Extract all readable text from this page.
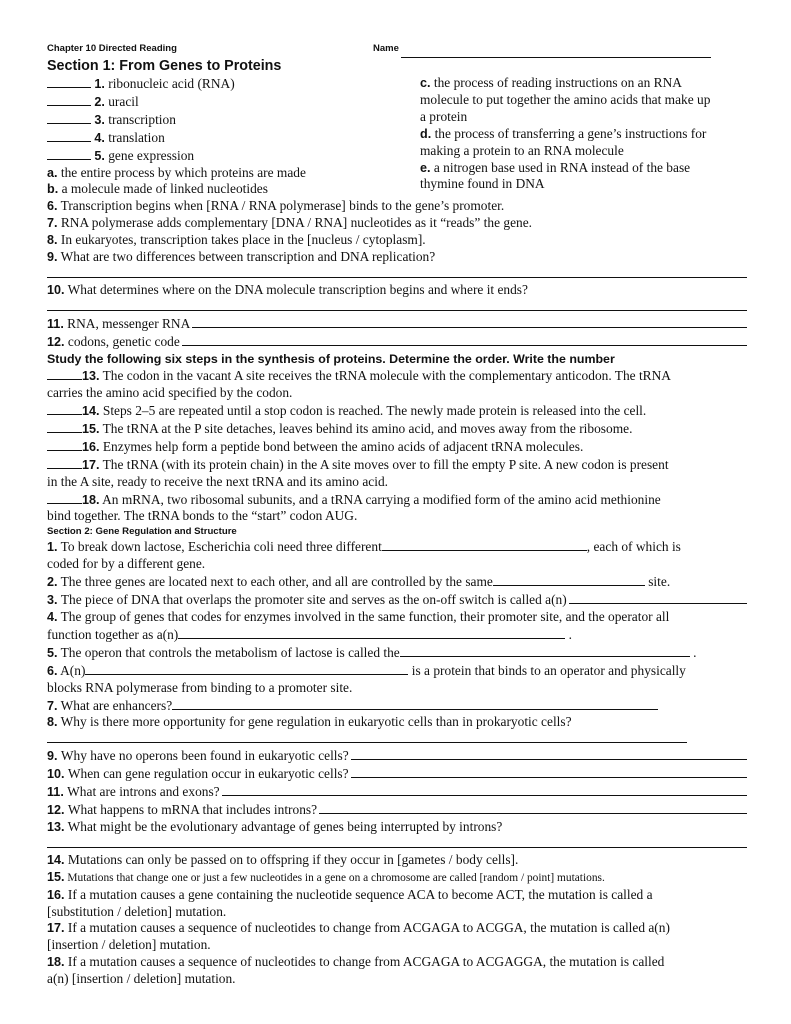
Chapter 10 Directed Reading	Name
Section 1: From Genes to Proteins
1. ribonucleic acid (RNA)
2. uracil
3. transcription
4. translation
5. gene expression
a. the entire process by which proteins are made
b. a molecule made of linked nucleotides
c. the process of reading instructions on an RNA
molecule to put together the amino acids that make up
a protein
d. the process of transferring a gene’s instructions for
making a protein to an RNA molecule
e. a nitrogen base used in RNA instead of the base
thymine found in DNA
6. Transcription begins when [RNA / RNA polymerase] binds to the gene’s promoter.
7. RNA polymerase adds complementary [DNA / RNA] nucleotides as it “reads” the gene.
8. In eukaryotes, transcription takes place in the [nucleus / cytoplasm].
9. What are two differences between transcription and DNA replication?
10. What determines where on the DNA molecule transcription begins and where it ends?
11.
RNA, messenger RNA
12.
codons, genetic code
Study the following six steps in the synthesis of proteins. Determine the order. Write the number
13. The codon in the vacant A site receives the tRNA molecule with the complementary anticodon. The tRNA
carries the amino acid specified by the codon.
14. Steps 2–5 are repeated until a stop codon is reached. The newly made protein is released into the cell.
15. The tRNA at the P site detaches, leaves behind its amino acid, and moves away from the ribosome.
16. Enzymes help form a peptide bond between the amino acids of adjacent tRNA molecules.
17. The tRNA (with its protein chain) in the A site moves over to fill the empty P site. A new codon is present
in the A site, ready to receive the next tRNA and its amino acid.
18. An mRNA, two ribosomal subunits, and a tRNA carrying a modified form of the amino acid methionine
bind together. The tRNA bonds to the “start” codon AUG.
Section 2: Gene Regulation and Structure
1. To break down lactose, Escherichia coli need three different	, each of which is
coded for by a different gene.
2. The three genes are located next to each other, and all are controlled by the same	site.
3.
The piece of DNA that overlaps the promoter site and serves as the on-off switch is called a(n)
4. The group of genes that codes for enzymes involved in the same function, their promoter site, and the operator all
function together as a(n)	.
5. The operon that controls the metabolism of lactose is called the	.
6. A(n)	is a protein that binds to an operator and physically
blocks RNA polymerase from binding to a promoter site.
7. What are enhancers?
8. Why is there more opportunity for gene regulation in eukaryotic cells than in prokaryotic cells?
9.
Why have no operons been found in eukaryotic cells?
10.
When can gene regulation occur in eukaryotic cells?
11.
What are introns and exons?
12.
What happens to mRNA that includes introns?
13. What might be the evolutionary advantage of genes being interrupted by introns?
14. Mutations can only be passed on to offspring if they occur in [gametes / body cells].
15. Mutations that change one or just a few nucleotides in a gene on a chromosome are called [random / point] mutations.
16. If a mutation causes a gene containing the nucleotide sequence ACA to become ACT, the mutation is called a
[substitution / deletion] mutation.
17. If a mutation causes a sequence of nucleotides to change from ACGAGA to ACGGA, the mutation is called a(n)
[insertion / deletion] mutation.
18. If a mutation causes a sequence of nucleotides to change from ACGAGA to ACGAGGA, the mutation is called
a(n) [insertion / deletion] mutation.
